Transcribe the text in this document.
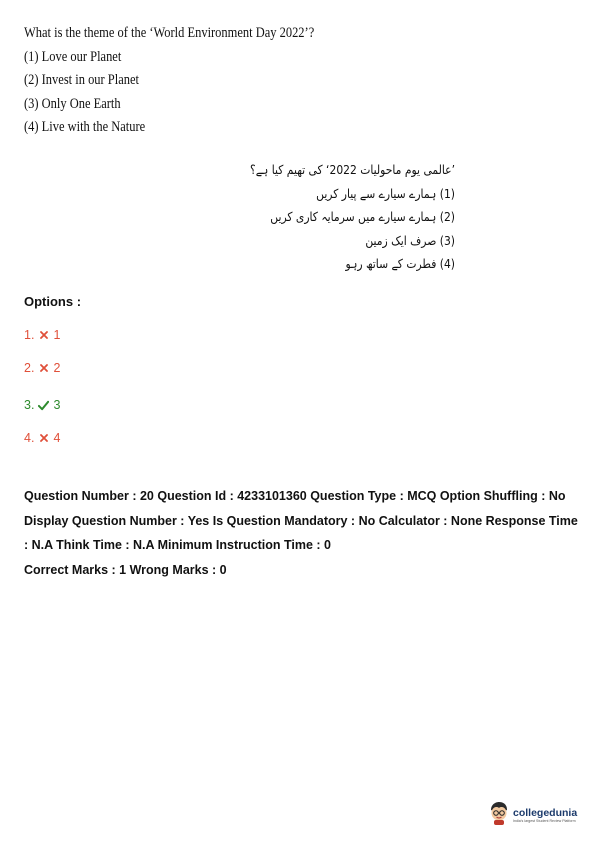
What is the theme of the ‘World Environment Day 2022’?
(1) Love our Planet
(2) Invest in our Planet
(3) Only One Earth
(4) Live with the Nature
’عالمی یوم ماحولیات 2022‘ کی تھیم کیا ہے؟
(1) ہمارے سیارے سے پیار کریں
(2) ہمارے سیارے میں سرمایہ کاری کریں
(3) صرف ایک زمین
(4) فطرت کے ساتھ رہو
Options :
1. 1
2. 2
3. 3
4. 4
Question Number : 20 Question Id : 4233101360 Question Type : MCQ Option Shuffling : No
Display Question Number : Yes Is Question Mandatory : No Calculator : None Response Time
: N.A Think Time : N.A Minimum Instruction Time : 0
Correct Marks : 1 Wrong Marks : 0
collegedunia
India's largest Student Review Platform
